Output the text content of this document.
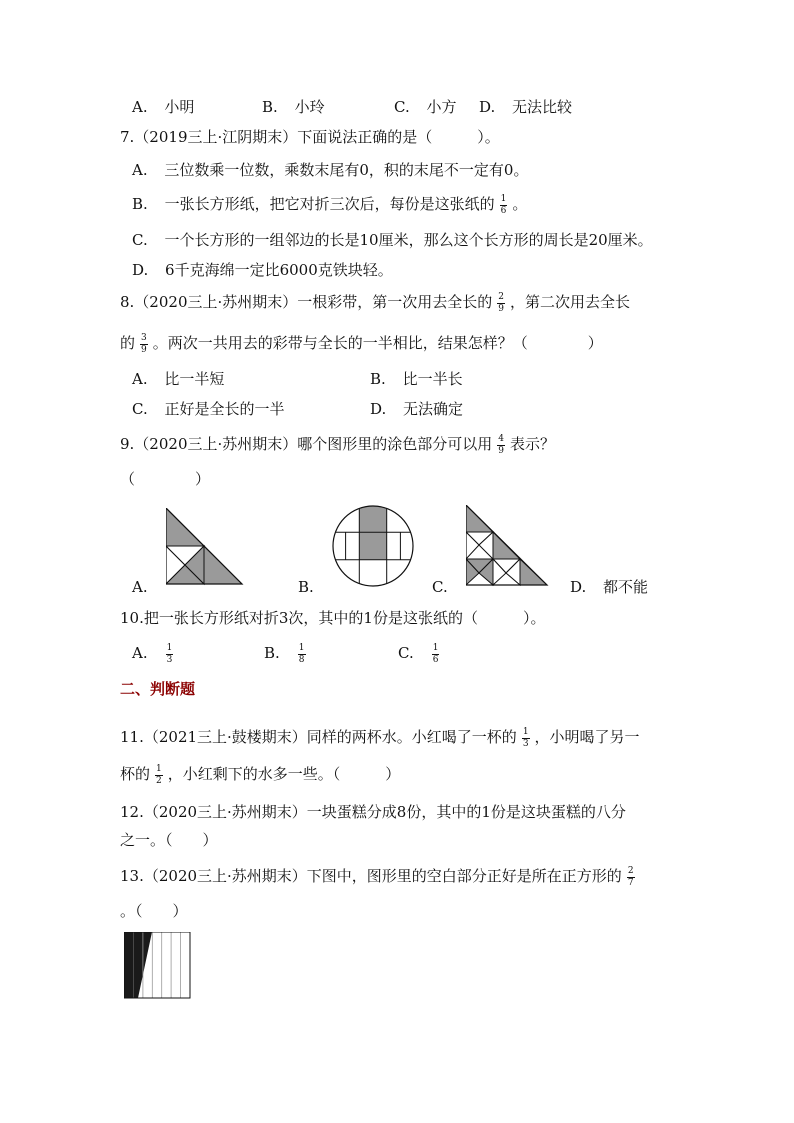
A. 小明	B. 小玲	C. 小方 D. 无法比较
7.（2019三上·江阴期末）下面说法正确的是（　　　）。
A. 三位数乘一位数，乘数末尾有0，积的末尾不一定有0。
B. 一张长方形纸，把它对折三次后，每份是这张纸的 $\frac{1}{6}$ 。
C. 一个长方形的一组邻边的长是10厘米，那么这个长方形的周长是20厘米。
D. 6千克海绵一定比6000克铁块轻。
8.（2020三上·苏州期末）一根彩带，第一次用去全长的 $\frac{2}{9}$ ，第二次用去全长
的 $\frac{3}{9}$ 。两次一共用去的彩带与全长的一半相比，结果怎样？（　　　　）
A. 比一半短	B. 比一半长
C. 正好是全长的一半	D. 无法确定
9.（2020三上·苏州期末）哪个图形里的涂色部分可以用 $\frac{4}{9}$ 表示？
（　　　　）
A.	B.	C.	D. 都不能
10.把一张长方形纸对折3次，其中的1份是这张纸的（　　　）。
A. $\frac{1}{3}$	B. $\frac{1}{8}$	C. $\frac{1}{6}$
二、判断题
11.（2021三上·鼓楼期末）同样的两杯水。小红喝了一杯的 $\frac{1}{3}$ ，小明喝了另一
杯的 $\frac{1}{2}$ ，小红剩下的水多一些。（　　　）
12.（2020三上·苏州期末）一块蛋糕分成8份，其中的1份是这块蛋糕的八分
之一。（　　）
13.（2020三上·苏州期末）下图中，图形里的空白部分正好是所在正方形的 $\frac{2}{7}$
。（　　）
